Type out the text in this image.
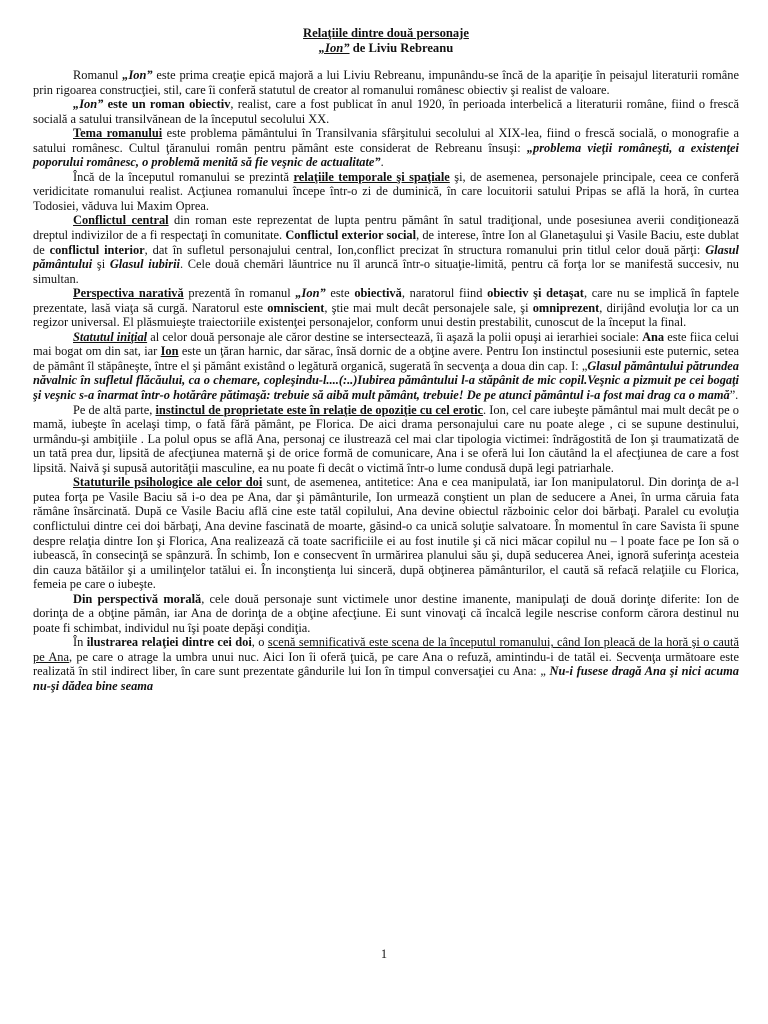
Relaţiile dintre două personaje
„Ion” de Liviu Rebreanu

Romanul „Ion” este prima creaţie epică majoră a lui Liviu Rebreanu, impunându-se încă de la apariţie în peisajul literaturii române prin rigoarea construcţiei, stil, care îi conferă statutul de creator al romanului românesc obiectiv şi realist de valoare.

„Ion” este un roman obiectiv, realist, care a fost publicat în anul 1920, în perioada interbelică a literaturii române, fiind o frescă socială a satului transilvănean de la începutul secolului XX.

Tema romanului este problema pământului în Transilvania sfârşitului secolului al XIX-lea, fiind o frescă socială, o monografie a satului românesc. Cultul ţăranului român pentru pământ este considerat de Rebreanu însuşi: „problema vieţii româneşti, a existenţei poporului românesc, o problemă menită să fie veşnic de actualitate”.

Încă de la începutul romanului se prezintă relaţiile temporale şi spaţiale şi, de asemenea, personajele principale, ceea ce conferă veridicitate romanului realist. Acţiunea romanului începe într-o zi de duminică, în care locuitorii satului Pripas se află la horă, în curtea Todosiei, văduva lui Maxim Oprea.

Conflictul central din roman este reprezentat de lupta pentru pământ în satul tradiţional, unde posesiunea averii condiţionează dreptul indivizilor de a fi respectaţi în comunitate. Conflictul exterior social, de interese, între Ion al Glanetaşului şi Vasile Baciu, este dublat de conflictul interior, dat în sufletul personajului central, Ion,conflict precizat în structura romanului prin titlul celor două părţi: Glasul pământului şi Glasul iubirii. Cele două chemări lăuntrice nu îl aruncă într-o situaţie-limită, pentru că forţa lor se manifestă succesiv, nu simultan.

Perspectiva narativă prezentă în romanul „Ion” este obiectivă, naratorul fiind obiectiv şi detaşat, care nu se implică în faptele prezentate, lasă viaţa să curgă. Naratorul este omniscient, ştie mai mult decât personajele sale, şi omniprezent, dirijând evoluţia lor ca un regizor universal. El plăsmuieşte traiectoriile existenţei personajelor, conform unui destin prestabilit, cunoscut de la început la final.

Statutul iniţial al celor două personaje ale căror destine se intersectează, îi aşază la polii opuşi ai ierarhiei sociale: Ana este fiica celui mai bogat om din sat, iar Ion este un ţăran harnic, dar sărac, însă dornic de a obţine avere. Pentru Ion instinctul posesiunii este puternic, setea de pământ îl stăpâneşte, între el şi pământ existând o legătură organică, sugerată în secvenţa a doua din cap. I: „Glasul pământului pătrundea năvalnic în sufletul flăcăului, ca o chemare, copleşindu-l....(:..)Iubirea pământului l-a stăpânit de mic copil.Veşnic a pizmuit pe cei bogaţi şi veşnic s-a înarmat într-o hotărâre pătimaşă: trebuie să aibă mult pământ, trebuie! De pe atunci pământul i-a fost mai drag ca o mamă”.

Pe de altă parte, instinctul de proprietate este în relaţie de opoziţie cu cel erotic. Ion, cel care iubeşte pământul mai mult decât pe o mamă, iubeşte în acelaşi timp, o fată fără pământ, pe Florica. De aici drama personajului care nu poate alege , ci se supune destinului, urmându-şi ambiţiile . La polul opus se află Ana, personaj ce ilustrează cel mai clar tipologia victimei: îndrăgostită de Ion şi traumatizată de un tată prea dur, lipsită de afecţiunea maternă şi de orice formă de comunicare, Ana i se oferă lui Ion căutând la el afecţiunea de care a fost lipsită. Naivă şi supusă autorităţii masculine, ea nu poate fi decât o victimă într-o lume condusă după legi patriarhale.

Statuturile psihologice ale celor doi sunt, de asemenea, antitetice: Ana e cea manipulată, iar Ion manipulatorul. Din dorinţa de a-l putea forţa pe Vasile Baciu să i-o dea pe Ana, dar şi pământurile, Ion urmează conştient un plan de seducere a Anei, în urma căruia fata rămâne însărcinată. După ce Vasile Baciu află cine este tatăl copilului, Ana devine obiectul războinic celor doi bărbaţi. Paralel cu evoluţia conflictului dintre cei doi bărbaţi, Ana devine fascinată de moarte, găsind-o ca unică soluţie salvatoare. În momentul în care Savista îi spune despre relaţia dintre Ion şi Florica, Ana realizează că toate sacrificiile ei au fost inutile şi că nici măcar copilul nu – l poate face pe Ion să o iubească, în consecinţă se spânzură. În schimb, Ion e consecvent în urmărirea planului său şi, după seducerea Anei, ignoră suferinţa acesteia din cauza bătăilor şi a umilinţelor tatălui ei. În inconştienţa lui sinceră, după obţinerea pământurilor, el caută să refacă relaţiile cu Florica, femeia pe care o iubeşte.

Din perspectivă morală, cele două personaje sunt victimele unor destine imanente, manipulaţi de două dorinţe diferite: Ion de dorinţa de a obţine pămân, iar Ana de dorinţa de a obţine afecţiune. Ei sunt vinovaţi că încalcă legile nescrise conform cărora destinul nu poate fi schimbat, individul nu îşi poate depăşi condiţia.

În ilustrarea relaţiei dintre cei doi, o scenă semnificativă este scena de la începutul romanului, când Ion pleacă de la horă şi o caută pe Ana, pe care o atrage la umbra unui nuc. Aici Ion îi oferă ţuică, pe care Ana o refuză, amintindu-i de tatăl ei. Secvenţa următoare este realizată în stil indirect liber, în care sunt prezentate gândurile lui Ion în timpul conversaţiei cu Ana: „ Nu-i fusese dragă Ana şi nici acuma nu-şi dădea bine seama

1
